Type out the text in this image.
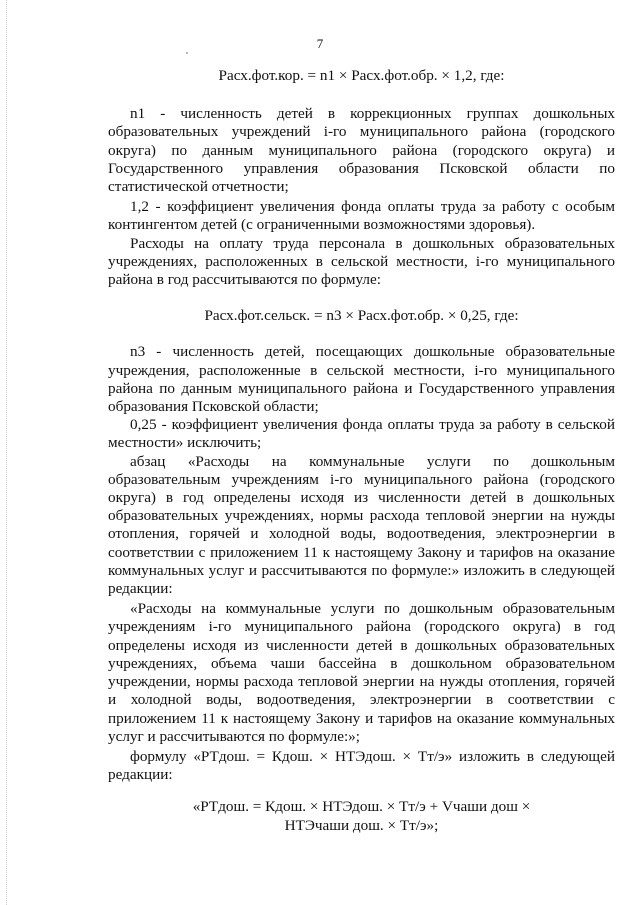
7

Расх.фот.кор. = n1 × Расх.фот.обр. × 1,2, где:

n1 - численность детей в коррекционных группах дошкольных образовательных учреждений i-го муниципального района (городского округа) по данным муниципального района (городского округа) и Государственного управления образования Псковской области по статистической отчетности;

1,2 - коэффициент увеличения фонда оплаты труда за работу с особым контингентом детей (с ограниченными возможностями здоровья).

Расходы на оплату труда персонала в дошкольных образовательных учреждениях, расположенных в сельской местности, i-го муниципального района в год рассчитываются по формуле:

Расх.фот.сельск. = n3 × Расх.фот.обр. × 0,25, где:

n3 - численность детей, посещающих дошкольные образовательные учреждения, расположенные в сельской местности, i-го муниципального района по данным муниципального района и Государственного управления образования Псковской области;

0,25 - коэффициент увеличения фонда оплаты труда за работу в сельской местности» исключить;

абзац «Расходы на коммунальные услуги по дошкольным образовательным учреждениям i-го муниципального района (городского округа) в год определены исходя из численности детей в дошкольных образовательных учреждениях, нормы расхода тепловой энергии на нужды отопления, горячей и холодной воды, водоотведения, электроэнергии в соответствии с приложением 11 к настоящему Закону и тарифов на оказание коммунальных услуг и рассчитываются по формуле:» изложить в следующей редакции:

«Расходы на коммунальные услуги по дошкольным образовательным учреждениям i-го муниципального района (городского округа) в год определены исходя из численности детей в дошкольных образовательных учреждениях, объема чаши бассейна в дошкольном образовательном учреждении, нормы расхода тепловой энергии на нужды отопления, горячей и холодной воды, водоотведения, электроэнергии в соответствии с приложением 11 к настоящему Закону и тарифов на оказание коммунальных услуг и рассчитываются по формуле:»;

формулу «РТдош. = Кдош. × НТЭдош. × Тт/э» изложить в следующей редакции:

«РТдош. = Кдош. × НТЭдош. × Тт/э + Vчаши дош ×
НТЭчаши дош. × Тт/э»;
